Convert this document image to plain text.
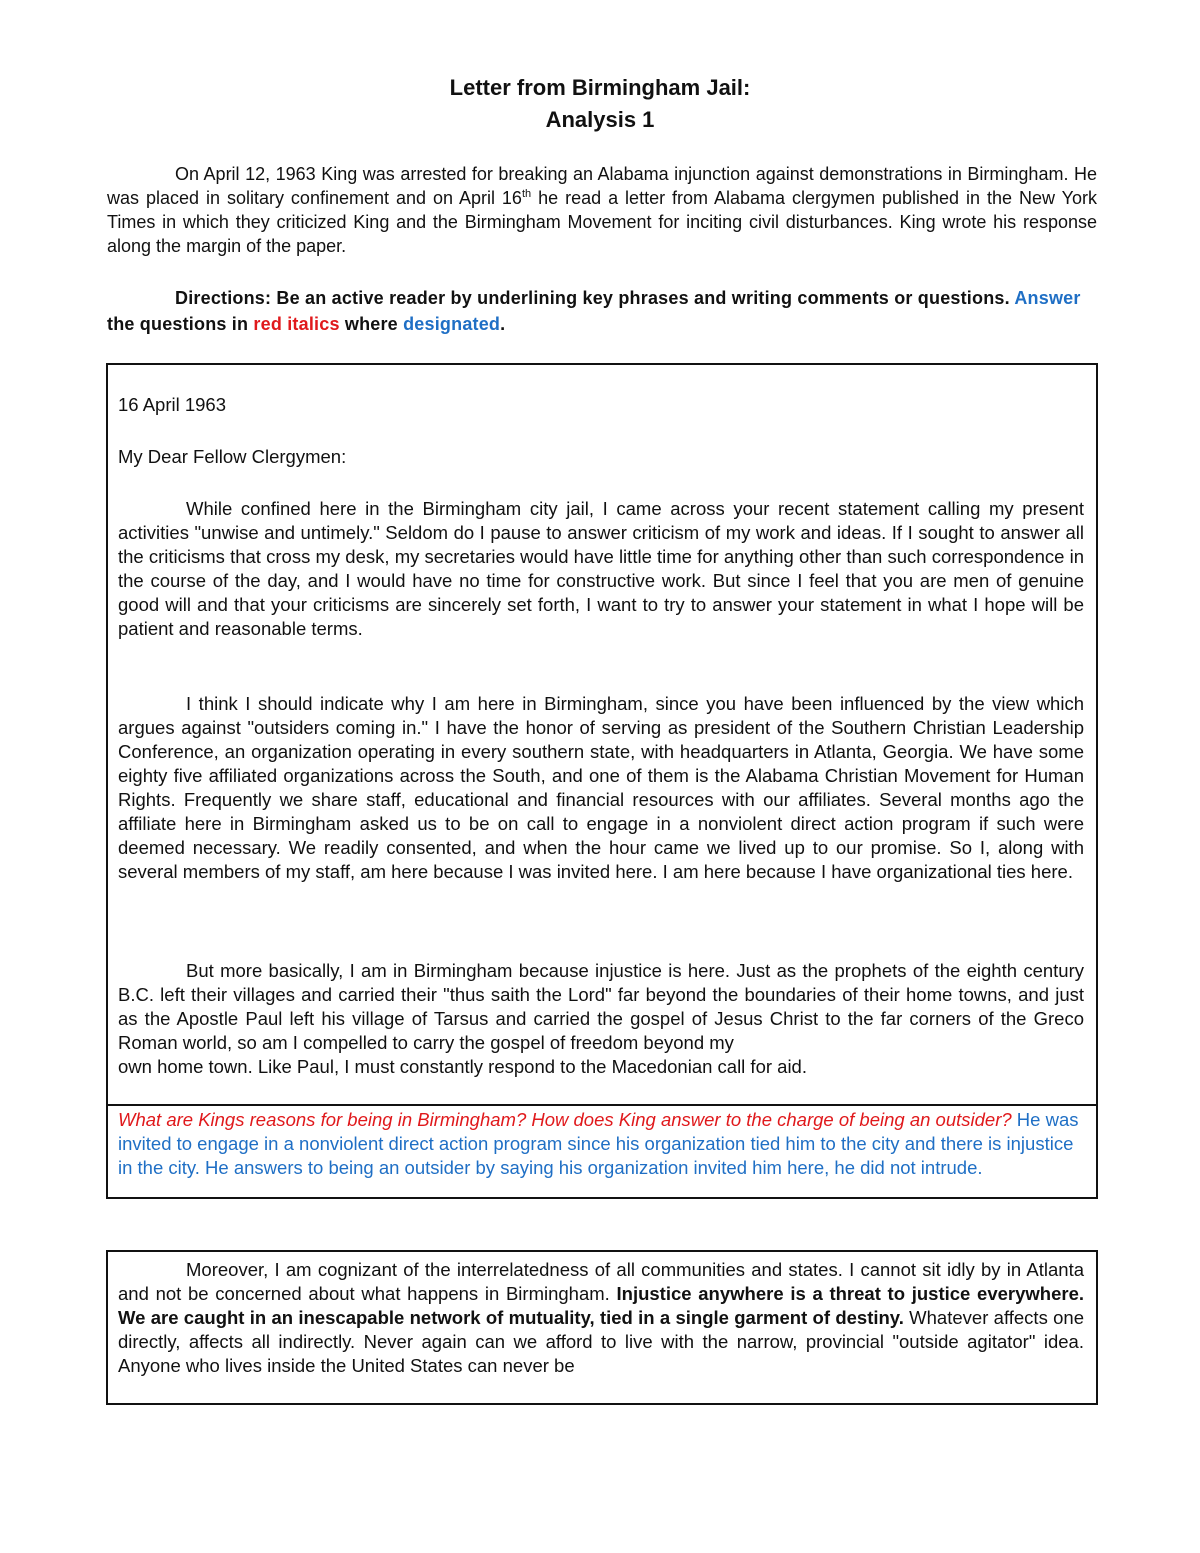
Letter from Birmingham Jail:
Analysis 1
On April 12, 1963 King was arrested for breaking an Alabama injunction against demonstrations in Birmingham. He was placed in solitary confinement and on April 16th he read a letter from Alabama clergymen published in the New York Times in which they criticized King and the Birmingham Movement for inciting civil disturbances. King wrote his response along the margin of the paper.
Directions: Be an active reader by underlining key phrases and writing comments or questions. Answer the questions in red italics where designated.
16 April 1963
My Dear Fellow Clergymen:
While confined here in the Birmingham city jail, I came across your recent statement calling my present activities "unwise and untimely." Seldom do I pause to answer criticism of my work and ideas. If I sought to answer all the criticisms that cross my desk, my secretaries would have little time for anything other than such correspondence in the course of the day, and I would have no time for constructive work. But since I feel that you are men of genuine good will and that your criticisms are sincerely set forth, I want to try to answer your statement in what I hope will be patient and reasonable terms.
I think I should indicate why I am here in Birmingham, since you have been influenced by the view which argues against "outsiders coming in." I have the honor of serving as president of the Southern Christian Leadership Conference, an organization operating in every southern state, with headquarters in Atlanta, Georgia. We have some eighty five affiliated organizations across the South, and one of them is the Alabama Christian Movement for Human Rights. Frequently we share staff, educational and financial resources with our affiliates. Several months ago the affiliate here in Birmingham asked us to be on call to engage in a nonviolent direct action program if such were deemed necessary. We readily consented, and when the hour came we lived up to our promise. So I, along with several members of my staff, am here because I was invited here. I am here because I have organizational ties here.
But more basically, I am in Birmingham because injustice is here. Just as the prophets of the eighth century B.C. left their villages and carried their "thus saith the Lord" far beyond the boundaries of their home towns, and just as the Apostle Paul left his village of Tarsus and carried the gospel of Jesus Christ to the far corners of the Greco Roman world, so am I compelled to carry the gospel of freedom beyond my
own home town. Like Paul, I must constantly respond to the Macedonian call for aid.
What are Kings reasons for being in Birmingham? How does King answer to the charge of being an outsider? He was invited to engage in a nonviolent direct action program since his organization tied him to the city and there is injustice in the city. He answers to being an outsider by saying his organization invited him here, he did not intrude.
Moreover, I am cognizant of the interrelatedness of all communities and states. I cannot sit idly by in Atlanta and not be concerned about what happens in Birmingham. Injustice anywhere is a threat to justice everywhere. We are caught in an inescapable network of mutuality, tied in a single garment of destiny. Whatever affects one directly, affects all indirectly. Never again can we afford to live with the narrow, provincial "outside agitator" idea. Anyone who lives inside the United States can never be
